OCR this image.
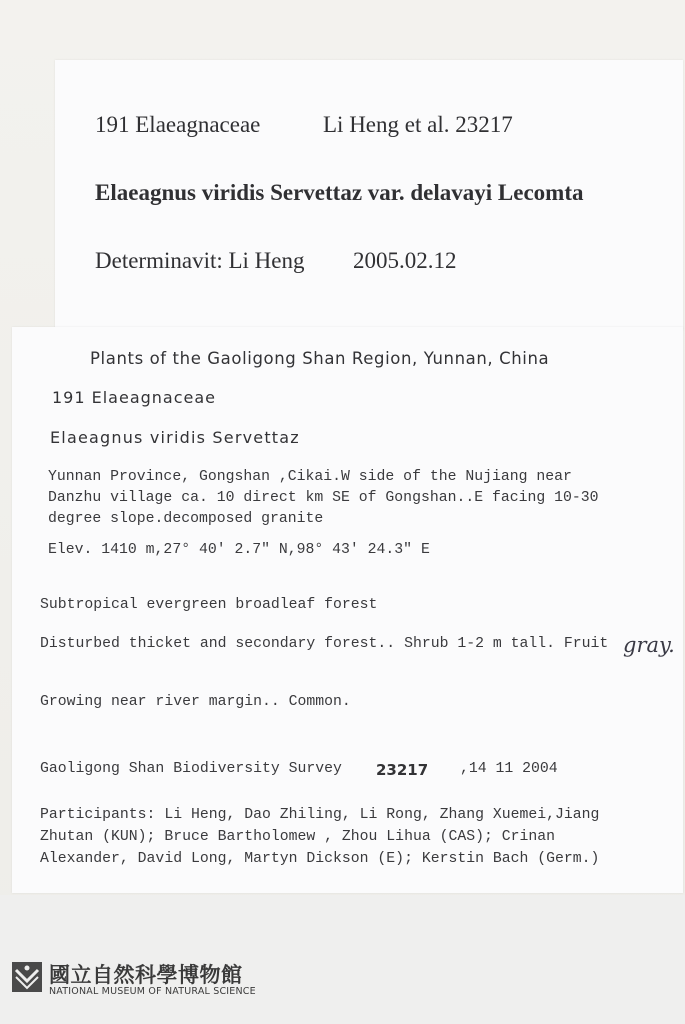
191 Elaeagnaceae	Li Heng et al. 23217
Elaeagnus viridis Servettaz var. delavayi Lecomta
Determinavit: Li Heng 2005.02.12
Plants of the Gaoligong Shan Region, Yunnan, China
191 Elaeagnaceae
Elaeagnus viridis Servettaz
Yunnan Province, Gongshan ,Cikai.W side of the Nujiang near
Danzhu village ca. 10 direct km SE of Gongshan..E facing 10-30
degree slope.decomposed granite
Elev. 1410 m,27° 40′ 2.7″ N,98° 43′ 24.3″ E
Subtropical evergreen broadleaf forest
Disturbed thicket and secondary forest.. Shrub 1-2 m tall. Fruit gray.
Growing near river margin.. Common.
Gaoligong Shan Biodiversity Survey 23217 ,14 11 2004
Participants: Li Heng, Dao Zhiling, Li Rong, Zhang Xuemei,Jiang
Zhutan (KUN); Bruce Bartholomew , Zhou Lihua (CAS); Crinan
Alexander, David Long, Martyn Dickson (E); Kerstin Bach (Germ.)
國立自然科學博物館
NATIONAL MUSEUM OF NATURAL SCIENCE
